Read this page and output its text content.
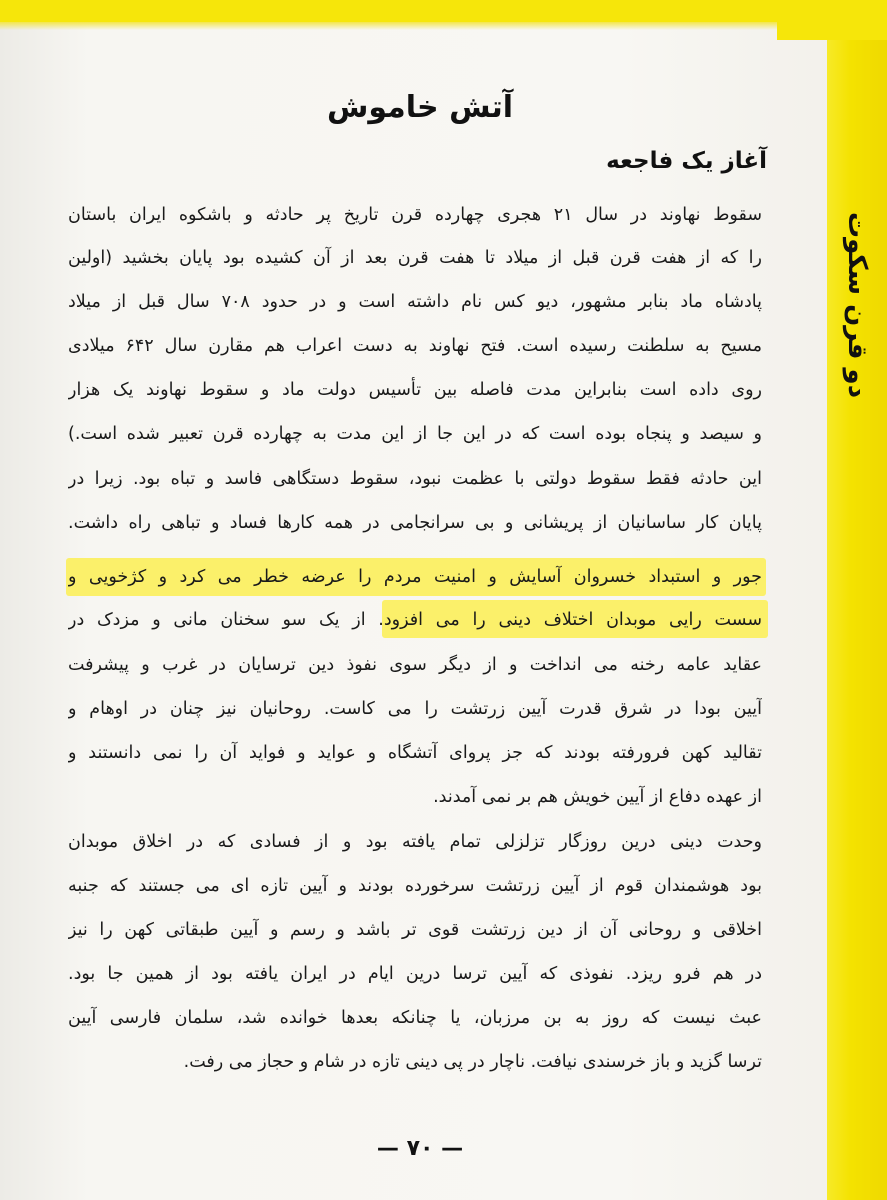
دو قرن سکوت
آتش خاموش
آغاز یک فاجعه
سقوط نهاوند در سال ۲۱ هجری چهارده قرن تاریخ پر حادثه و باشکوه ایران باستان
را که از هفت قرن قبل از میلاد تا هفت قرن بعد از آن کشیده بود پایان بخشید (اولین
پادشاه ماد بنابر مشهور، دیو کس نام داشته است و در حدود ۷۰۸ سال قبل از میلاد
مسیح به سلطنت رسیده است. فتح نهاوند به دست اعراب هم مقارن سال ۶۴۲ میلادی
روی داده است بنابراین مدت فاصله بین تأسیس دولت ماد و سقوط نهاوند یک هزار
و سیصد و پنجاه بوده است که در این جا از این مدت به چهارده قرن تعبیر شده است.)
این حادثه فقط سقوط دولتی با عظمت نبود، سقوط دستگاهی فاسد و تباه بود. زیرا در
پایان کار ساسانیان از پریشانی و بی سرانجامی در همه کارها فساد و تباهی راه داشت.
جور و استبداد خسروان آسایش و امنیت مردم را عرضه خطر می کرد و کژخویی و
سست رایی موبدان اختلاف دینی را می افزود. از یک سو سخنان مانی و مزدک در
عقاید عامه رخنه می انداخت و از دیگر سوی نفوذ دین ترسایان در غرب و پیشرفت
آیین بودا در شرق قدرت آیین زرتشت را می کاست. روحانیان نیز چنان در اوهام و
تقالید کهن فرورفته بودند که جز پروای آتشگاه و عواید و فواید آن را نمی دانستند و
از عهده دفاع از آیین خویش هم بر نمی آمدند.
وحدت دینی درین روزگار تزلزلی تمام یافته بود و از فسادی که در اخلاق موبدان
بود هوشمندان قوم از آیین زرتشت سرخورده بودند و آیین تازه ای می جستند که جنبه
اخلاقی و روحانی آن از دین زرتشت قوی تر باشد و رسم و آیین طبقاتی کهن را نیز
در هم فرو ریزد. نفوذی که آیین ترسا درین ایام در ایران یافته بود از همین جا بود.
عبث نیست که روز به بن مرزبان، یا چنانکه بعدها خوانده شد، سلمان فارسی آیین
ترسا گزید و باز خرسندی نیافت. ناچار در پی دینی تازه در شام و حجاز می رفت.
— ۷۰ —
